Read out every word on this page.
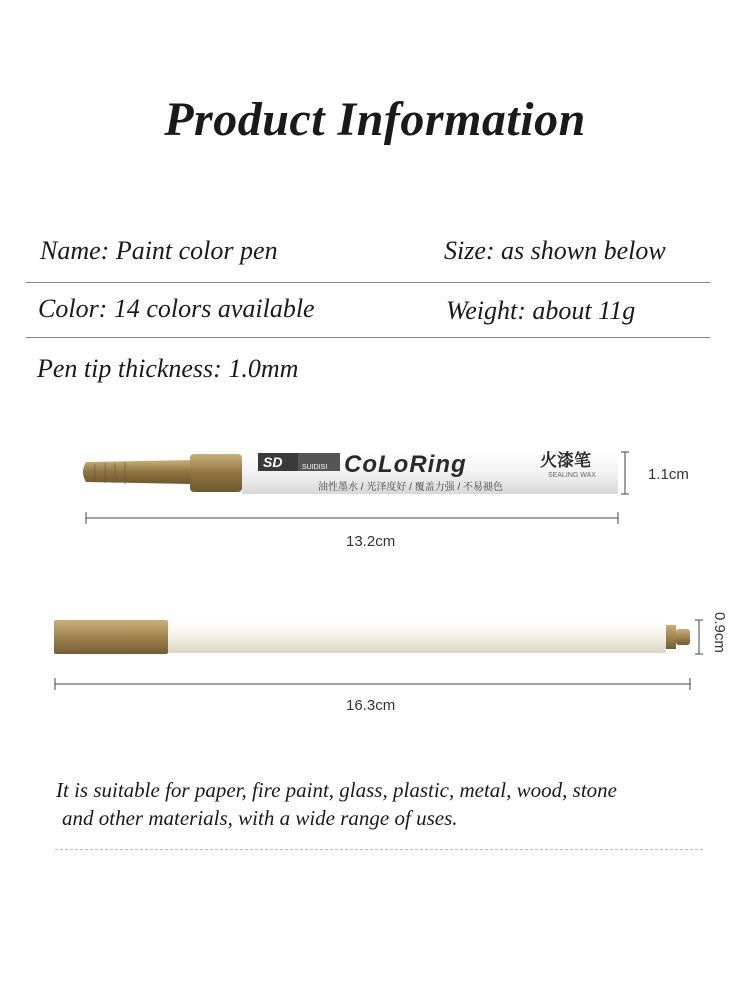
Product Information
Name: Paint color pen	Size: as shown below
Color: 14 colors available	Weight: about 11g
Pen tip thickness: 1.0mm
SD	SUIDISI CoLoRing	火漆笔
SEALING WAX
油性墨水 / 光泽度好 / 覆盖力强 / 不易褪色
1.1cm
13.2cm
0.9cm
16.3cm
It is suitable for paper, fire paint, glass, plastic, metal, wood, stone
and other materials, with a wide range of uses.
